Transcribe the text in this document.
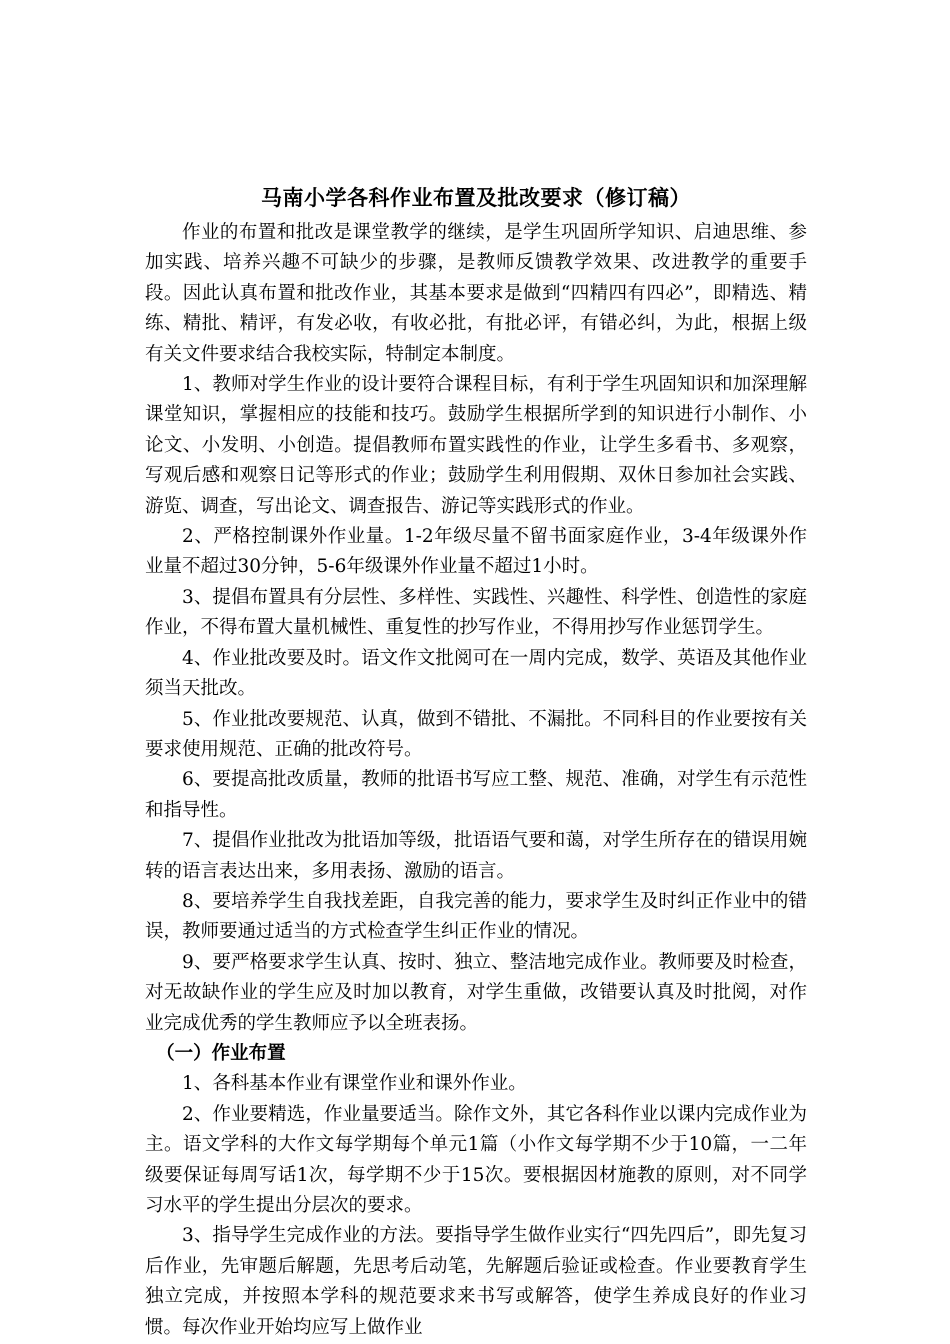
马南小学各科作业布置及批改要求（修订稿）

作业的布置和批改是课堂教学的继续，是学生巩固所学知识、启迪思维、参加实践、培养兴趣不可缺少的步骤，是教师反馈教学效果、改进教学的重要手段。因此认真布置和批改作业，其基本要求是做到“四精四有四必”，即精选、精练、精批、精评，有发必收，有收必批，有批必评，有错必纠，为此，根据上级有关文件要求结合我校实际，特制定本制度。

1、教师对学生作业的设计要符合课程目标，有利于学生巩固知识和加深理解课堂知识，掌握相应的技能和技巧。鼓励学生根据所学到的知识进行小制作、小论文、小发明、小创造。提倡教师布置实践性的作业，让学生多看书、多观察，写观后感和观察日记等形式的作业；鼓励学生利用假期、双休日参加社会实践、游览、调查，写出论文、调查报告、游记等实践形式的作业。

2、严格控制课外作业量。1-2年级尽量不留书面家庭作业，3-4年级课外作业量不超过30分钟，5-6年级课外作业量不超过1小时。

3、提倡布置具有分层性、多样性、实践性、兴趣性、科学性、创造性的家庭作业，不得布置大量机械性、重复性的抄写作业，不得用抄写作业惩罚学生。

4、作业批改要及时。语文作文批阅可在一周内完成，数学、英语及其他作业须当天批改。

5、作业批改要规范、认真，做到不错批、不漏批。不同科目的作业要按有关要求使用规范、正确的批改符号。

6、要提高批改质量，教师的批语书写应工整、规范、准确，对学生有示范性和指导性。

7、提倡作业批改为批语加等级，批语语气要和蔼，对学生所存在的错误用婉转的语言表达出来，多用表扬、激励的语言。

8、要培养学生自我找差距，自我完善的能力，要求学生及时纠正作业中的错误，教师要通过适当的方式检查学生纠正作业的情况。

9、要严格要求学生认真、按时、独立、整洁地完成作业。教师要及时检查，对无故缺作业的学生应及时加以教育，对学生重做，改错要认真及时批阅，对作业完成优秀的学生教师应予以全班表扬。

（一）作业布置

1、各科基本作业有课堂作业和课外作业。

2、作业要精选，作业量要适当。除作文外，其它各科作业以课内完成作业为主。语文学科的大作文每学期每个单元1篇（小作文每学期不少于10篇，一二年级要保证每周写话1次，每学期不少于15次。要根据因材施教的原则，对不同学习水平的学生提出分层次的要求。

3、指导学生完成作业的方法。要指导学生做作业实行“四先四后”，即先复习后作业，先审题后解题，先思考后动笔，先解题后验证或检查。作业要教育学生独立完成，并按照本学科的规范要求来书写或解答，使学生养成良好的作业习惯。每次作业开始均应写上做作业
